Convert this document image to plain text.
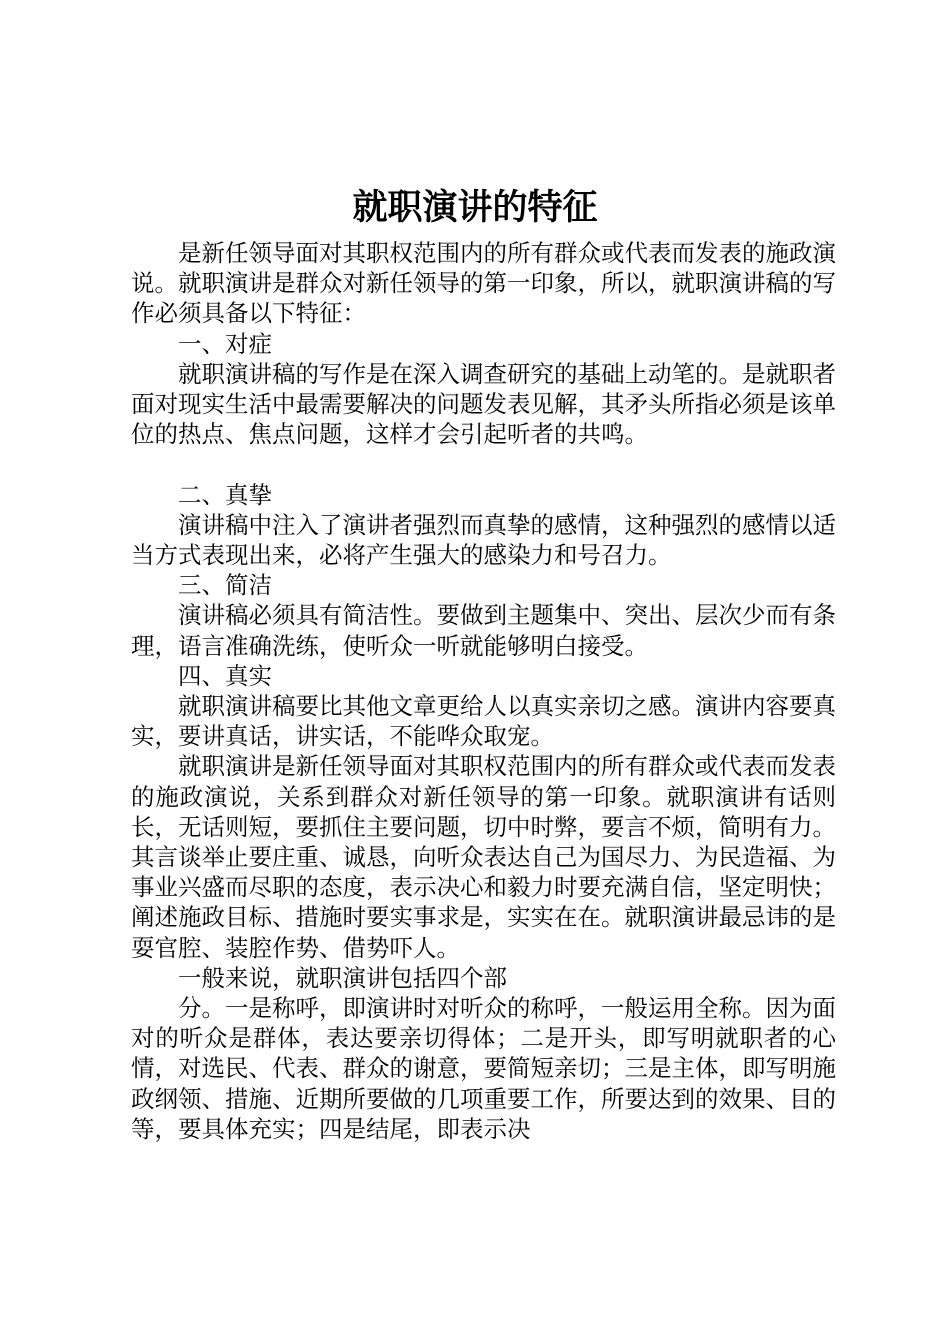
就职演讲的特征

是新任领导面对其职权范围内的所有群众或代表而发表的施政演说。就职演讲是群众对新任领导的第一印象，所以，就职演讲稿的写作必须具备以下特征：

一、对症

就职演讲稿的写作是在深入调查研究的基础上动笔的。是就职者面对现实生活中最需要解决的问题发表见解，其矛头所指必须是该单位的热点、焦点问题，这样才会引起听者的共鸣。

二、真挚

演讲稿中注入了演讲者强烈而真挚的感情，这种强烈的感情以适当方式表现出来，必将产生强大的感染力和号召力。

三、简洁

演讲稿必须具有简洁性。要做到主题集中、突出、层次少而有条理，语言准确洗练，使听众一听就能够明白接受。

四、真实

就职演讲稿要比其他文章更给人以真实亲切之感。演讲内容要真实，要讲真话，讲实话，不能哗众取宠。

就职演讲是新任领导面对其职权范围内的所有群众或代表而发表的施政演说，关系到群众对新任领导的第一印象。就职演讲有话则长，无话则短，要抓住主要问题，切中时弊，要言不烦，简明有力。其言谈举止要庄重、诚恳，向听众表达自己为国尽力、为民造福、为事业兴盛而尽职的态度，表示决心和毅力时要充满自信，坚定明快；阐述施政目标、措施时要实事求是，实实在在。就职演讲最忌讳的是耍官腔、装腔作势、借势吓人。

一般来说，就职演讲包括四个部

分。一是称呼，即演讲时对听众的称呼，一般运用全称。因为面对的听众是群体，表达要亲切得体；二是开头，即写明就职者的心情，对选民、代表、群众的谢意，要简短亲切；三是主体，即写明施政纲领、措施、近期所要做的几项重要工作，所要达到的效果、目的等，要具体充实；四是结尾，即表示决
